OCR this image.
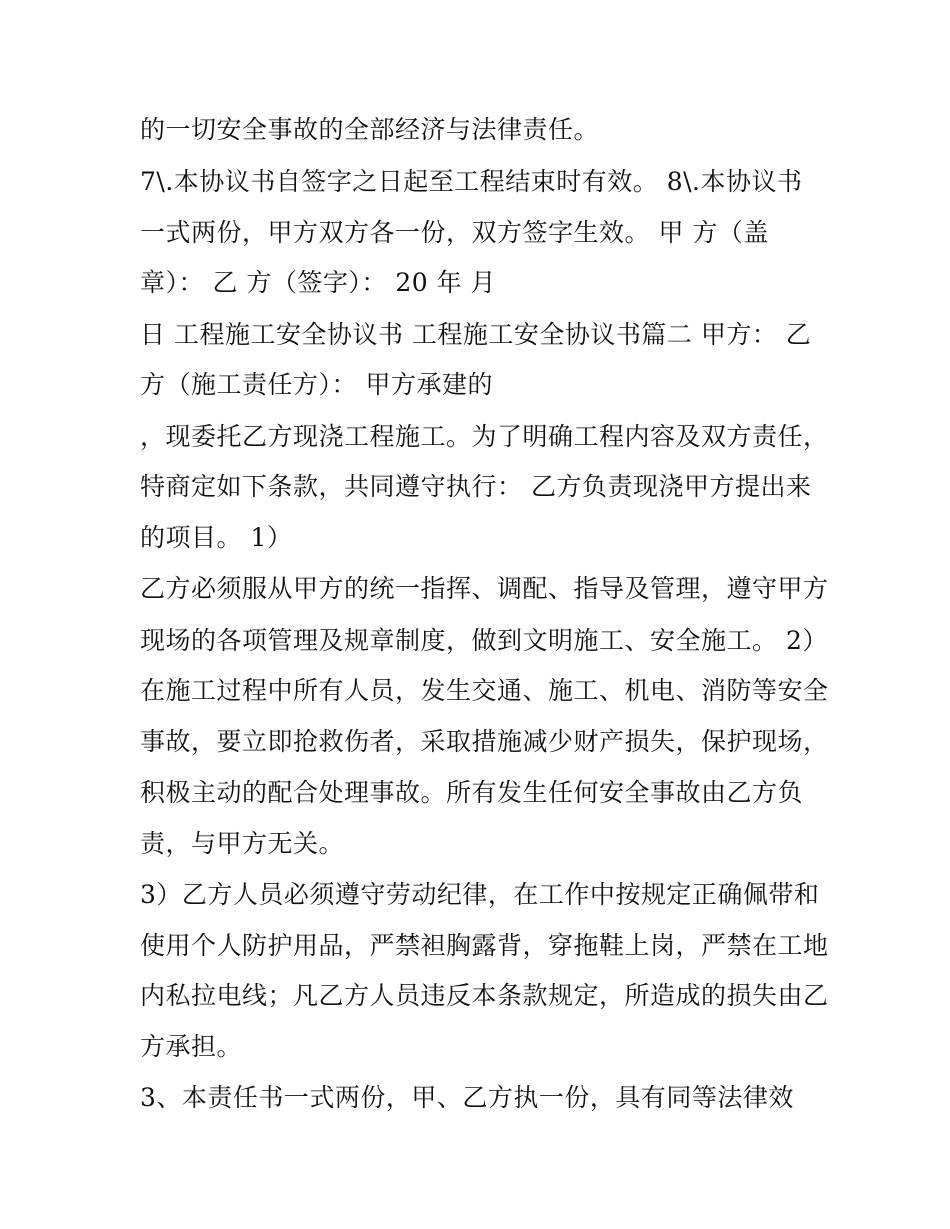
的一切安全事故的全部经济与法律责任。
7\.本协议书自签字之日起至工程结束时有效。 8\.本协议书
一式两份，甲方双方各一份，双方签字生效。 甲 方（盖
章）： 乙 方（签字）： 20 年 月
日 工程施工安全协议书 工程施工安全协议书篇二 甲方： 乙
方（施工责任方）： 甲方承建的
，现委托乙方现浇工程施工。为了明确工程内容及双方责任，
特商定如下条款，共同遵守执行： 乙方负责现浇甲方提出来
的项目。 1）
乙方必须服从甲方的统一指挥、调配、指导及管理，遵守甲方
现场的各项管理及规章制度，做到文明施工、安全施工。 2）
在施工过程中所有人员，发生交通、施工、机电、消防等安全
事故，要立即抢救伤者，采取措施减少财产损失，保护现场，
积极主动的配合处理事故。所有发生任何安全事故由乙方负
责，与甲方无关。
3）乙方人员必须遵守劳动纪律，在工作中按规定正确佩带和
使用个人防护用品，严禁袒胸露背，穿拖鞋上岗，严禁在工地
内私拉电线；凡乙方人员违反本条款规定，所造成的损失由乙
方承担。
3、本责任书一式两份，甲、乙方执一份，具有同等法律效
